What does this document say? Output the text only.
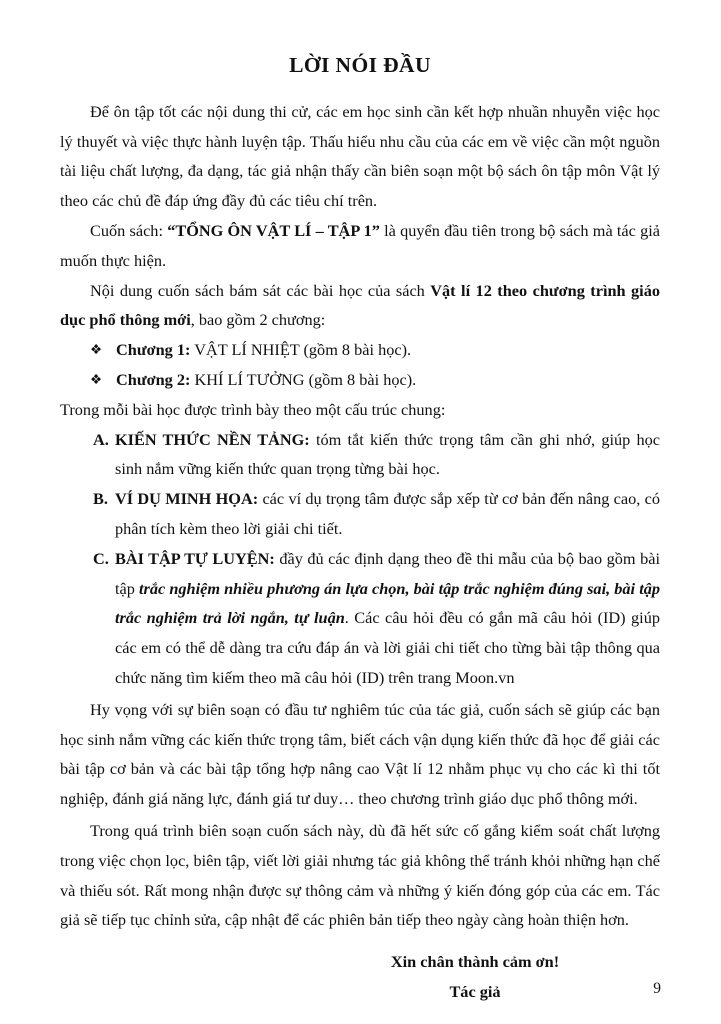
LỜI NÓI ĐẦU

Để ôn tập tốt các nội dung thi cử, các em học sinh cần kết hợp nhuần nhuyễn việc học lý thuyết và việc thực hành luyện tập. Thấu hiểu nhu cầu của các em về việc cần một nguồn tài liệu chất lượng, đa dạng, tác giả nhận thấy cần biên soạn một bộ sách ôn tập môn Vật lý theo các chủ đề đáp ứng đầy đủ các tiêu chí trên.

Cuốn sách: “TỔNG ÔN VẬT LÍ – TẬP 1” là quyển đầu tiên trong bộ sách mà tác giả muốn thực hiện.

Nội dung cuốn sách bám sát các bài học của sách Vật lí 12 theo chương trình giáo dục phổ thông mới, bao gồm 2 chương:

❖ Chương 1: VẬT LÍ NHIỆT (gồm 8 bài học).
❖ Chương 2: KHÍ LÍ TƯỞNG (gồm 8 bài học).

Trong mỗi bài học được trình bày theo một cấu trúc chung:

A. KIẾN THỨC NỀN TẢNG: tóm tắt kiến thức trọng tâm cần ghi nhớ, giúp học sinh nắm vững kiến thức quan trọng từng bài học.
B. VÍ DỤ MINH HỌA: các ví dụ trọng tâm được sắp xếp từ cơ bản đến nâng cao, có phân tích kèm theo lời giải chi tiết.
C. BÀI TẬP TỰ LUYỆN: đầy đủ các định dạng theo đề thi mẫu của bộ bao gồm bài tập trắc nghiệm nhiều phương án lựa chọn, bài tập trắc nghiệm đúng sai, bài tập trắc nghiệm trả lời ngắn, tự luận. Các câu hỏi đều có gắn mã câu hỏi (ID) giúp các em có thể dễ dàng tra cứu đáp án và lời giải chi tiết cho từng bài tập thông qua chức năng tìm kiếm theo mã câu hỏi (ID) trên trang Moon.vn

Hy vọng với sự biên soạn có đầu tư nghiêm túc của tác giả, cuốn sách sẽ giúp các bạn học sinh nắm vững các kiến thức trọng tâm, biết cách vận dụng kiến thức đã học để giải các bài tập cơ bản và các bài tập tổng hợp nâng cao Vật lí 12 nhằm phục vụ cho các kì thi tốt nghiệp, đánh giá năng lực, đánh giá tư duy… theo chương trình giáo dục phổ thông mới.

Trong quá trình biên soạn cuốn sách này, dù đã hết sức cố gắng kiểm soát chất lượng trong việc chọn lọc, biên tập, viết lời giải nhưng tác giả không thể tránh khỏi những hạn chế và thiếu sót. Rất mong nhận được sự thông cảm và những ý kiến đóng góp của các em. Tác giả sẽ tiếp tục chỉnh sửa, cập nhật để các phiên bản tiếp theo ngày càng hoàn thiện hơn.

Xin chân thành cảm ơn!
Tác giả	9
